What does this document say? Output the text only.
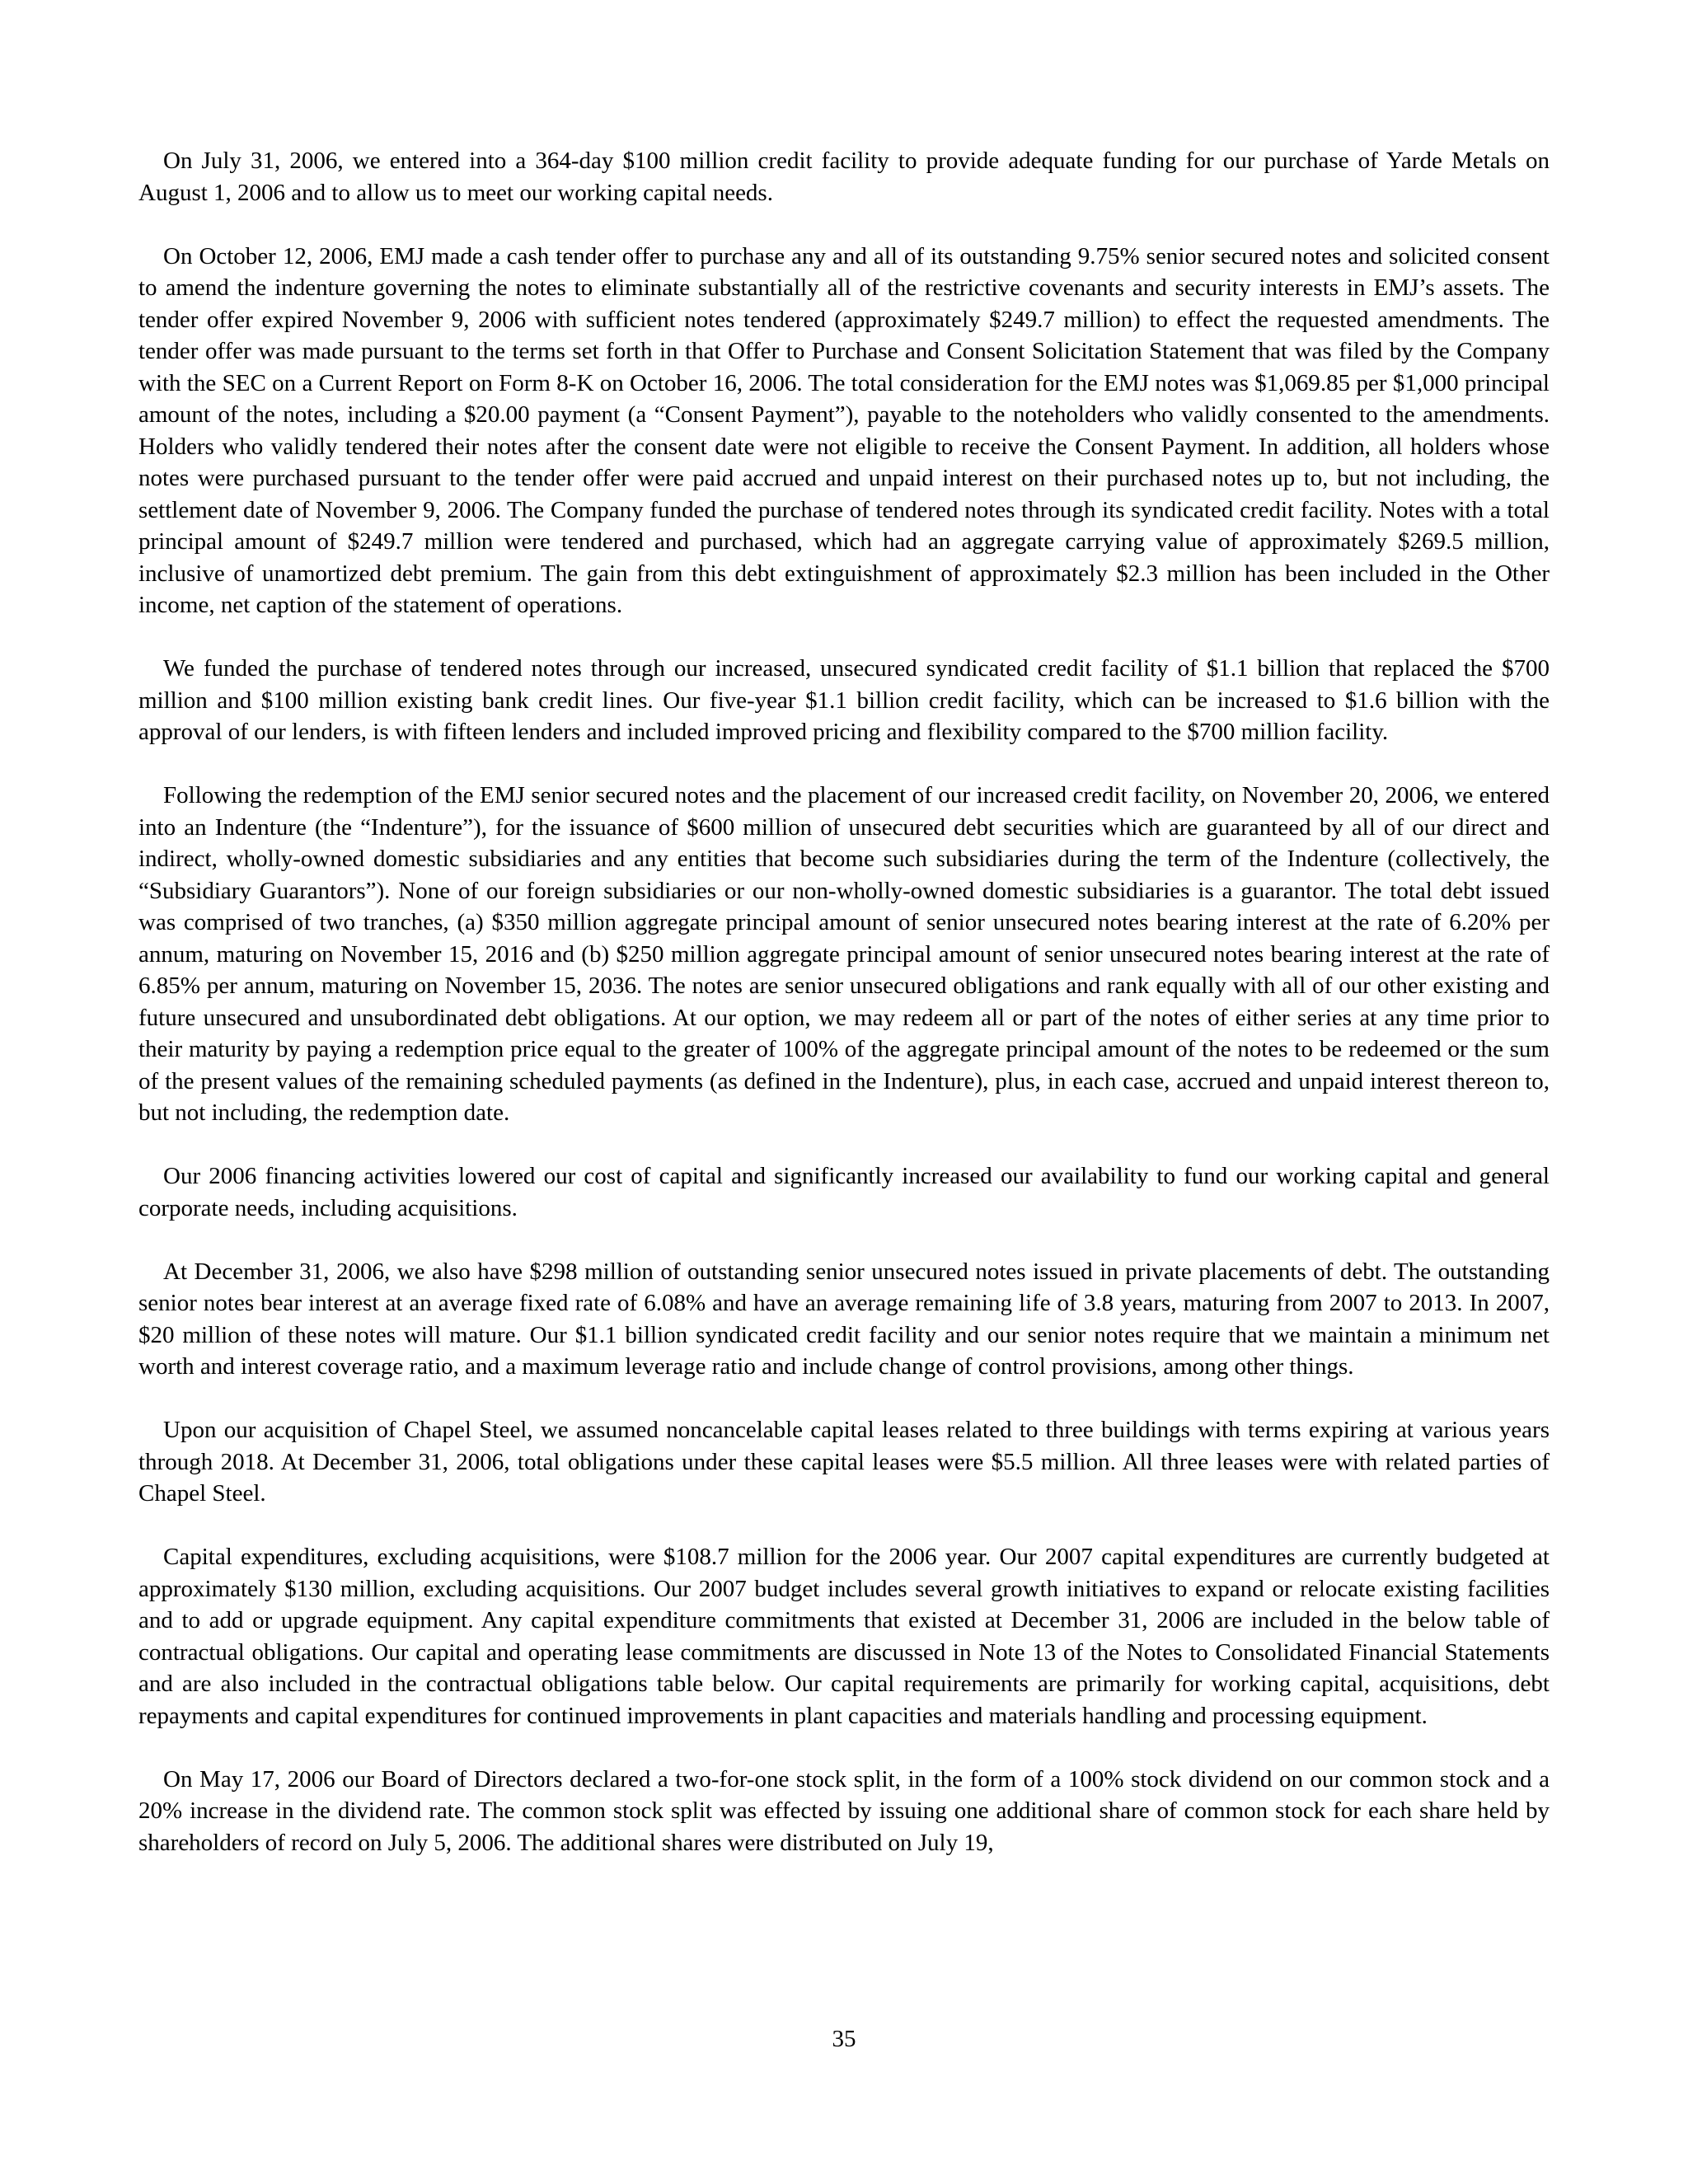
On July 31, 2006, we entered into a 364-day $100 million credit facility to provide adequate funding for our purchase of Yarde Metals on August 1, 2006 and to allow us to meet our working capital needs.

On October 12, 2006, EMJ made a cash tender offer to purchase any and all of its outstanding 9.75% senior secured notes and solicited consent to amend the indenture governing the notes to eliminate substantially all of the restrictive covenants and security interests in EMJ’s assets. The tender offer expired November 9, 2006 with sufficient notes tendered (approximately $249.7 million) to effect the requested amendments. The tender offer was made pursuant to the terms set forth in that Offer to Purchase and Consent Solicitation Statement that was filed by the Company with the SEC on a Current Report on Form 8-K on October 16, 2006. The total consideration for the EMJ notes was $1,069.85 per $1,000 principal amount of the notes, including a $20.00 payment (a “Consent Payment”), payable to the noteholders who validly consented to the amendments. Holders who validly tendered their notes after the consent date were not eligible to receive the Consent Payment. In addition, all holders whose notes were purchased pursuant to the tender offer were paid accrued and unpaid interest on their purchased notes up to, but not including, the settlement date of November 9, 2006. The Company funded the purchase of tendered notes through its syndicated credit facility. Notes with a total principal amount of $249.7 million were tendered and purchased, which had an aggregate carrying value of approximately $269.5 million, inclusive of unamortized debt premium. The gain from this debt extinguishment of approximately $2.3 million has been included in the Other income, net caption of the statement of operations.

We funded the purchase of tendered notes through our increased, unsecured syndicated credit facility of $1.1 billion that replaced the $700 million and $100 million existing bank credit lines. Our five-year $1.1 billion credit facility, which can be increased to $1.6 billion with the approval of our lenders, is with fifteen lenders and included improved pricing and flexibility compared to the $700 million facility.

Following the redemption of the EMJ senior secured notes and the placement of our increased credit facility, on November 20, 2006, we entered into an Indenture (the “Indenture”), for the issuance of $600 million of unsecured debt securities which are guaranteed by all of our direct and indirect, wholly-owned domestic subsidiaries and any entities that become such subsidiaries during the term of the Indenture (collectively, the “Subsidiary Guarantors”). None of our foreign subsidiaries or our non-wholly-owned domestic subsidiaries is a guarantor. The total debt issued was comprised of two tranches, (a) $350 million aggregate principal amount of senior unsecured notes bearing interest at the rate of 6.20% per annum, maturing on November 15, 2016 and (b) $250 million aggregate principal amount of senior unsecured notes bearing interest at the rate of 6.85% per annum, maturing on November 15, 2036. The notes are senior unsecured obligations and rank equally with all of our other existing and future unsecured and unsubordinated debt obligations. At our option, we may redeem all or part of the notes of either series at any time prior to their maturity by paying a redemption price equal to the greater of 100% of the aggregate principal amount of the notes to be redeemed or the sum of the present values of the remaining scheduled payments (as defined in the Indenture), plus, in each case, accrued and unpaid interest thereon to, but not including, the redemption date.

Our 2006 financing activities lowered our cost of capital and significantly increased our availability to fund our working capital and general corporate needs, including acquisitions.

At December 31, 2006, we also have $298 million of outstanding senior unsecured notes issued in private placements of debt. The outstanding senior notes bear interest at an average fixed rate of 6.08% and have an average remaining life of 3.8 years, maturing from 2007 to 2013. In 2007, $20 million of these notes will mature. Our $1.1 billion syndicated credit facility and our senior notes require that we maintain a minimum net worth and interest coverage ratio, and a maximum leverage ratio and include change of control provisions, among other things.

Upon our acquisition of Chapel Steel, we assumed noncancelable capital leases related to three buildings with terms expiring at various years through 2018. At December 31, 2006, total obligations under these capital leases were $5.5 million. All three leases were with related parties of Chapel Steel.

Capital expenditures, excluding acquisitions, were $108.7 million for the 2006 year. Our 2007 capital expenditures are currently budgeted at approximately $130 million, excluding acquisitions. Our 2007 budget includes several growth initiatives to expand or relocate existing facilities and to add or upgrade equipment. Any capital expenditure commitments that existed at December 31, 2006 are included in the below table of contractual obligations. Our capital and operating lease commitments are discussed in Note 13 of the Notes to Consolidated Financial Statements and are also included in the contractual obligations table below. Our capital requirements are primarily for working capital, acquisitions, debt repayments and capital expenditures for continued improvements in plant capacities and materials handling and processing equipment.

On May 17, 2006 our Board of Directors declared a two-for-one stock split, in the form of a 100% stock dividend on our common stock and a 20% increase in the dividend rate. The common stock split was effected by issuing one additional share of common stock for each share held by shareholders of record on July 5, 2006. The additional shares were distributed on July 19,

35
